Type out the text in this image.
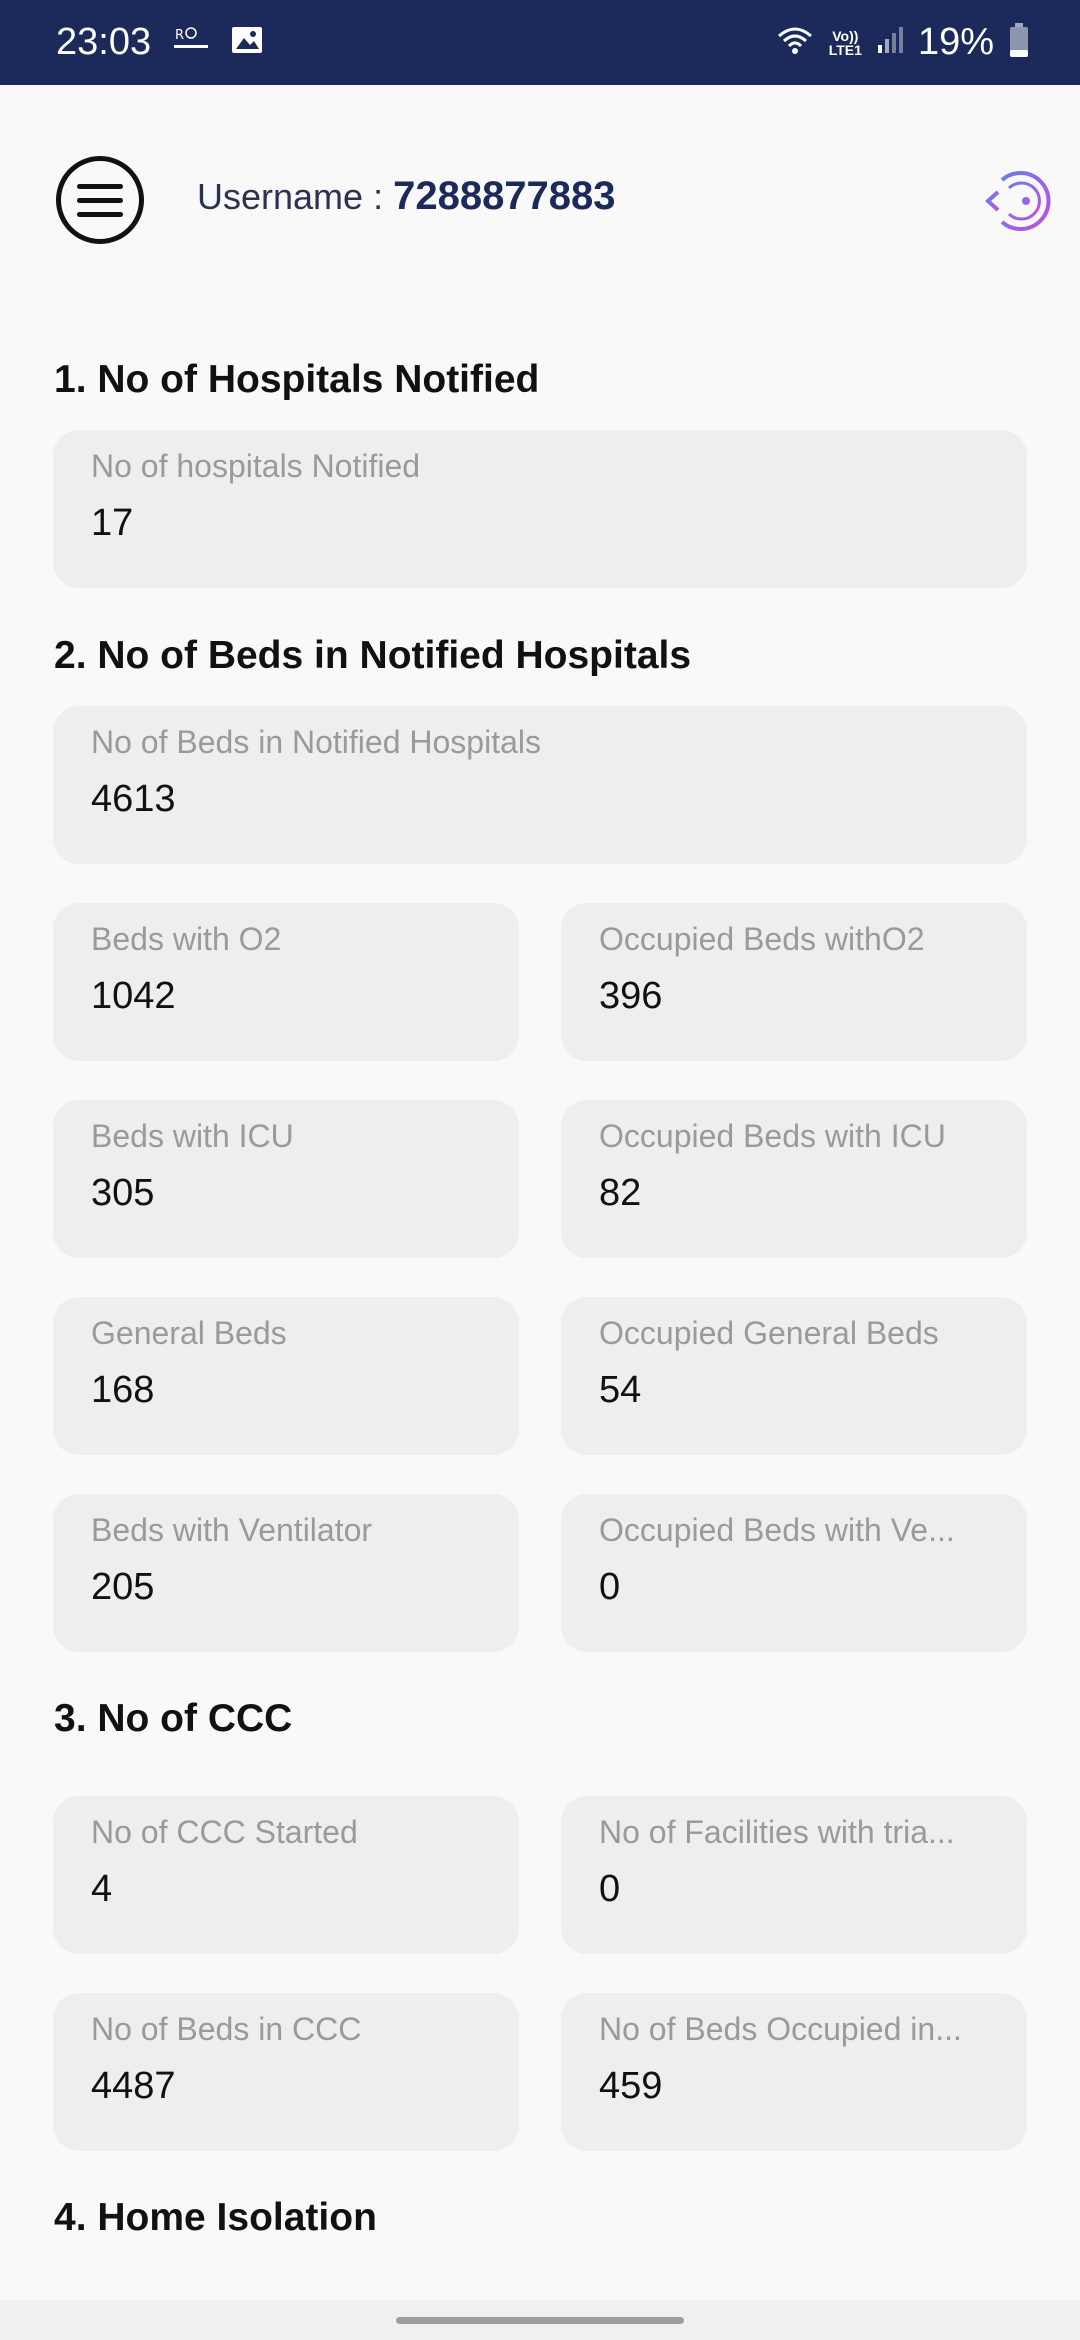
23:03 R	Vo))
LTE1 19%
Username : 7288877883
1. No of Hospitals Notified
No of hospitals Notified
17
2. No of Beds in Notified Hospitals
No of Beds in Notified Hospitals
4613
Beds with O2
1042
Occupied Beds withO2
396
Beds with ICU
305
Occupied Beds with ICU
82
General Beds
168
Occupied General Beds
54
Beds with Ventilator
205
Occupied Beds with Ve...
0
3. No of CCC
No of CCC Started
4
No of Facilities with tria...
0
No of Beds in CCC
4487
No of Beds Occupied in...
459
4. Home Isolation
